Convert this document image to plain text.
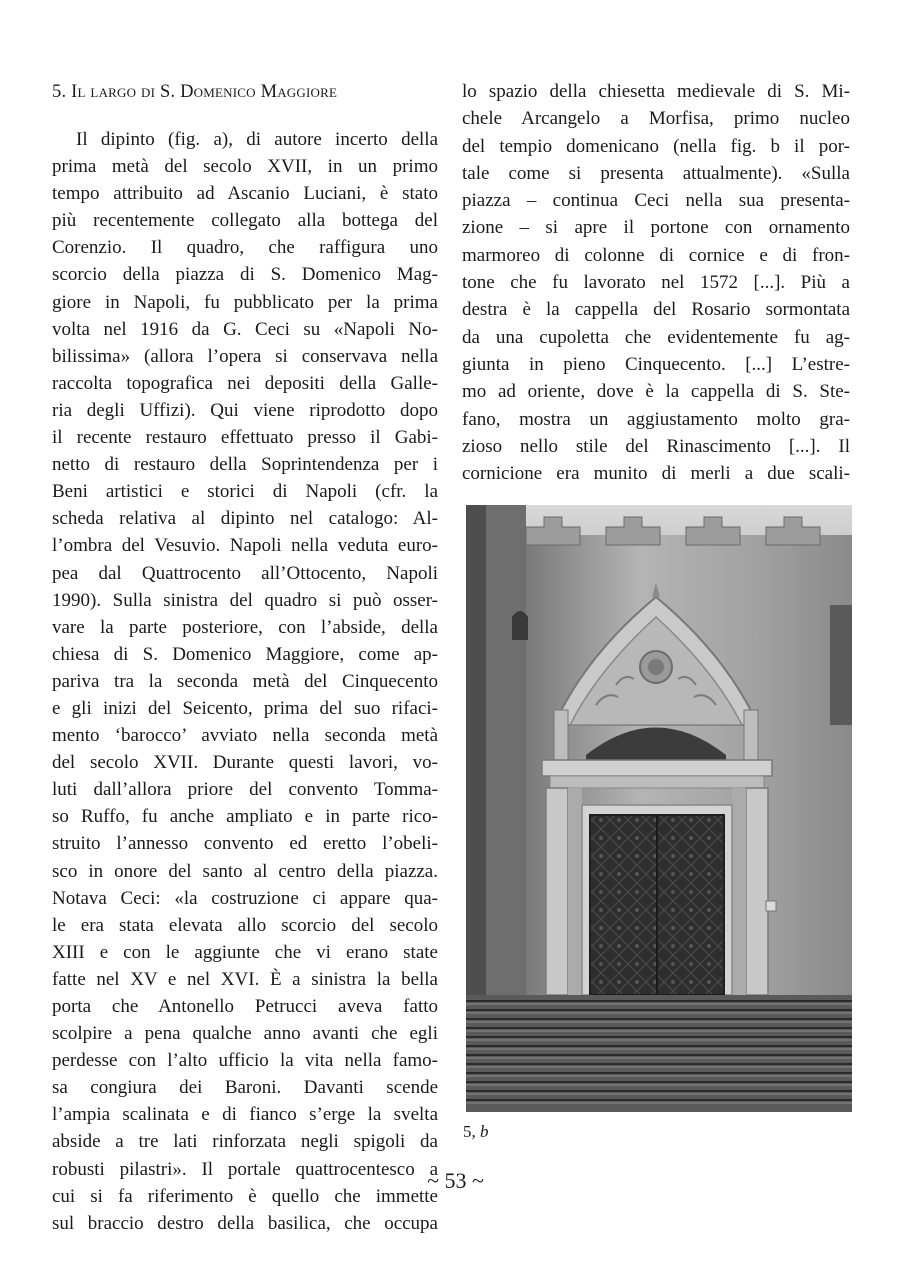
5. Il largo di S. Domenico Maggiore
Il dipinto (fig. a), di autore incerto della
prima metà del secolo XVII, in un primo
tempo attribuito ad Ascanio Luciani, è stato
più recentemente collegato alla bottega del
Corenzio. Il quadro, che raffigura uno
scorcio della piazza di S. Domenico Mag-
giore in Napoli, fu pubblicato per la prima
volta nel 1916 da G. Ceci su «Napoli No-
bilissima» (allora l’opera si conservava nella
raccolta topografica nei depositi della Galle-
ria degli Uffizi). Qui viene riprodotto dopo
il recente restauro effettuato presso il Gabi-
netto di restauro della Soprintendenza per i
Beni artistici e storici di Napoli (cfr. la
scheda relativa al dipinto nel catalogo: Al-
l’ombra del Vesuvio. Napoli nella veduta euro-
pea dal Quattrocento all’Ottocento, Napoli
1990). Sulla sinistra del quadro si può osser-
vare la parte posteriore, con l’abside, della
chiesa di S. Domenico Maggiore, come ap-
pariva tra la seconda metà del Cinquecento
e gli inizi del Seicento, prima del suo rifaci-
mento ‘barocco’ avviato nella seconda metà
del secolo XVII. Durante questi lavori, vo-
luti dall’allora priore del convento Tomma-
so Ruffo, fu anche ampliato e in parte rico-
struito l’annesso convento ed eretto l’obeli-
sco in onore del santo al centro della piazza.
Notava Ceci: «la costruzione ci appare qua-
le era stata elevata allo scorcio del secolo
XIII e con le aggiunte che vi erano state
fatte nel XV e nel XVI. È a sinistra la bella
porta che Antonello Petrucci aveva fatto
scolpire a pena qualche anno avanti che egli
perdesse con l’alto ufficio la vita nella famo-
sa congiura dei Baroni. Davanti scende
l’ampia scalinata e di fianco s’erge la svelta
abside a tre lati rinforzata negli spigoli da
robusti pilastri». Il portale quattrocentesco a
cui si fa riferimento è quello che immette
sul braccio destro della basilica, che occupa
lo spazio della chiesetta medievale di S. Mi-
chele Arcangelo a Morfisa, primo nucleo
del tempio domenicano (nella fig. b il por-
tale come si presenta attualmente). «Sulla
piazza – continua Ceci nella sua presenta-
zione – si apre il portone con ornamento
marmoreo di colonne di cornice e di fron-
tone che fu lavorato nel 1572 [...]. Più a
destra è la cappella del Rosario sormontata
da una cupoletta che evidentemente fu ag-
giunta in pieno Cinquecento. [...] L’estre-
mo ad oriente, dove è la cappella di S. Ste-
fano, mostra un aggiustamento molto gra-
zioso nello stile del Rinascimento [...]. Il
cornicione era munito di merli a due scali-
5, b
~ 53 ~
